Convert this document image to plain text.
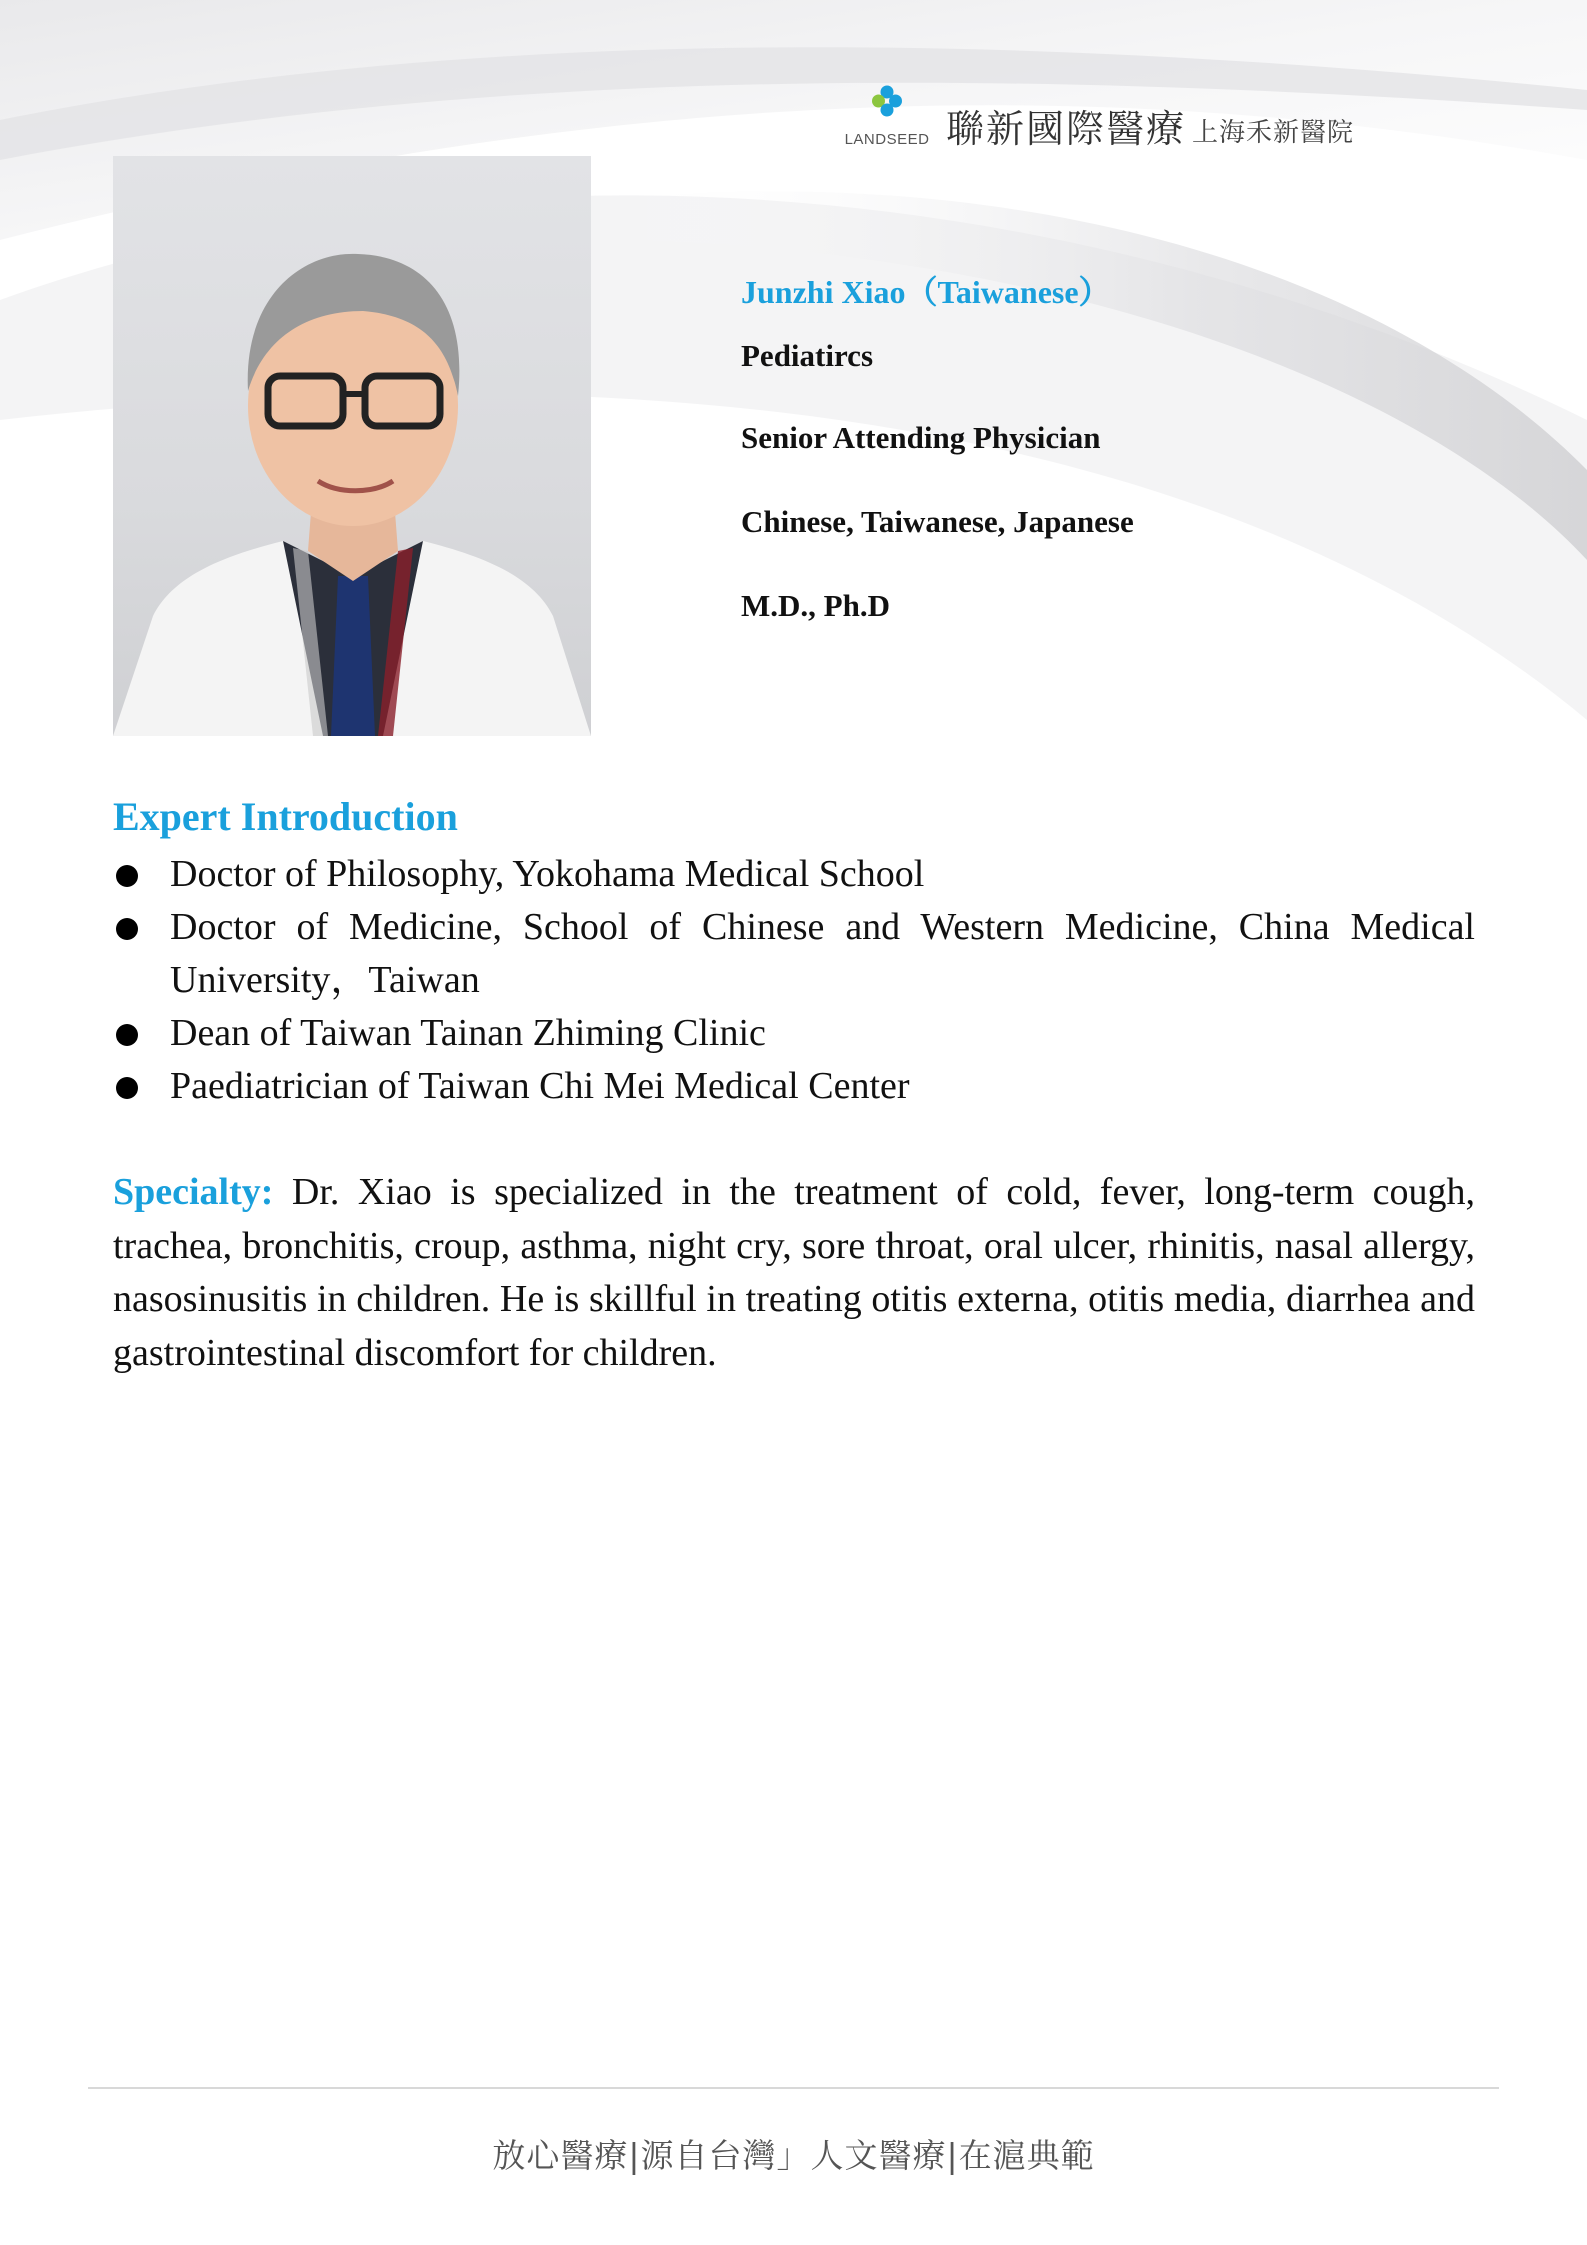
LANDSEED 聯新國際醫療 上海禾新醫院
Junzhi Xiao（Taiwanese）
Pediatircs
Senior Attending Physician
Chinese, Taiwanese, Japanese
M.D., Ph.D
Expert Introduction
Doctor of Philosophy, Yokohama Medical School
Doctor of Medicine, School of Chinese and Western Medicine, China Medical University，Taiwan
Dean of Taiwan Tainan Zhiming Clinic
Paediatrician of Taiwan Chi Mei Medical Center
Specialty: Dr. Xiao is specialized in the treatment of cold, fever, long-term cough, trachea, bronchitis, croup, asthma, night cry, sore throat, oral ulcer, rhinitis, nasal allergy, nasosinusitis in children. He is skillful in treating otitis externa, otitis media, diarrhea and gastrointestinal discomfort for children.
放心醫療|源自台灣」人文醫療|在滬典範
